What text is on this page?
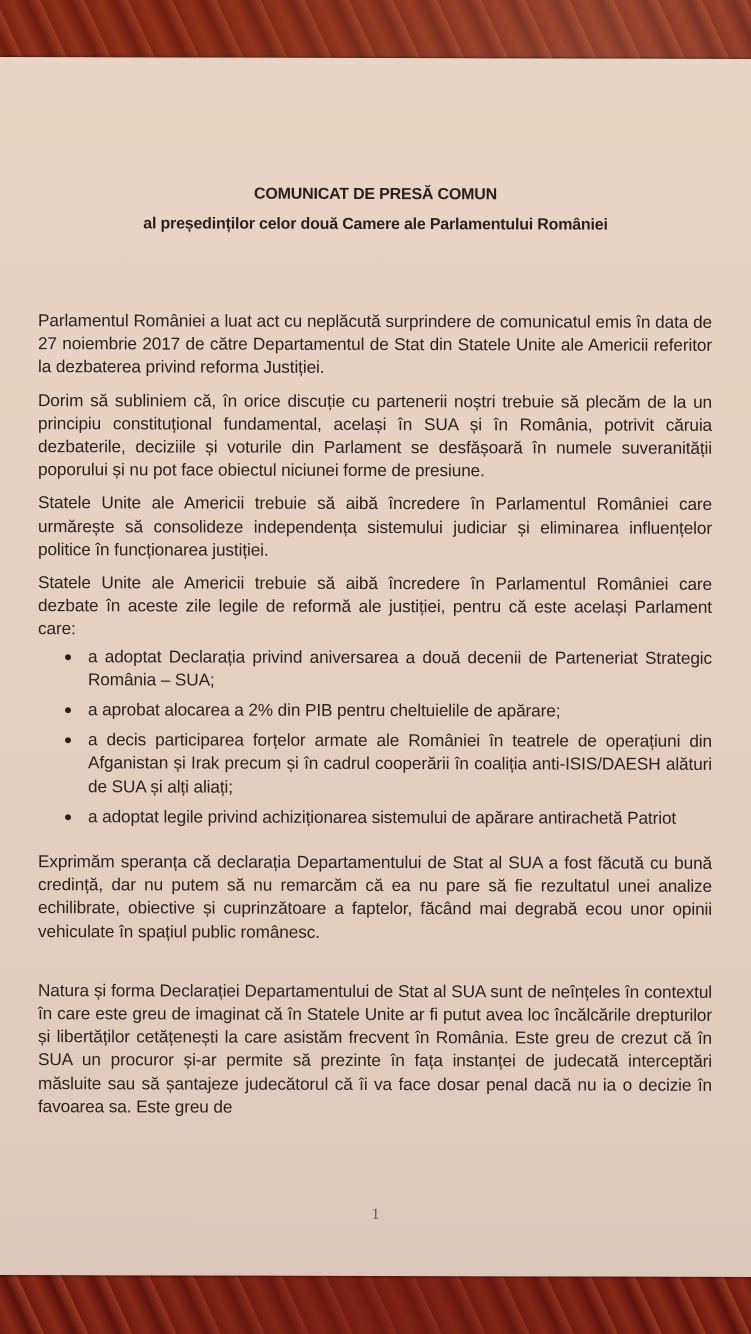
COMUNICAT DE PRESĂ COMUN
al președinților celor două Camere ale Parlamentului României

Parlamentul României a luat act cu neplăcută surprindere de comunicatul emis în data de 27 noiembrie 2017 de către Departamentul de Stat din Statele Unite ale Americii referitor la dezbaterea privind reforma Justiției.

Dorim să subliniem că, în orice discuție cu partenerii noștri trebuie să plecăm de la un principiu constituțional fundamental, același în SUA și în România, potrivit căruia dezbaterile, deciziile și voturile din Parlament se desfășoară în numele suveranității poporului și nu pot face obiectul niciunei forme de presiune.

Statele Unite ale Americii trebuie să aibă încredere în Parlamentul României care urmărește să consolideze independența sistemului judiciar și eliminarea influențelor politice în funcționarea justiției.

Statele Unite ale Americii trebuie să aibă încredere în Parlamentul României care dezbate în aceste zile legile de reformă ale justiției, pentru că este același Parlament care:

a adoptat Declarația privind aniversarea a două decenii de Parteneriat Strategic România – SUA;
a aprobat alocarea a 2% din PIB pentru cheltuielile de apărare;
a decis participarea forțelor armate ale României în teatrele de operațiuni din Afganistan și Irak precum și în cadrul cooperării în coaliția anti-ISIS/DAESH alături de SUA și alți aliați;
a adoptat legile privind achiziționarea sistemului de apărare antirachetă Patriot

Exprimăm speranța că declarația Departamentului de Stat al SUA a fost făcută cu bună credință, dar nu putem să nu remarcăm că ea nu pare să fie rezultatul unei analize echilibrate, obiective și cuprinzătoare a faptelor, făcând mai degrabă ecou unor opinii vehiculate în spațiul public românesc.

Natura și forma Declarației Departamentului de Stat al SUA sunt de neînțeles în contextul în care este greu de imaginat că în Statele Unite ar fi putut avea loc încălcările drepturilor și libertăților cetățenești la care asistăm frecvent în România. Este greu de crezut că în SUA un procuror și-ar permite să prezinte în fața instanței de judecată interceptări măsluite sau să șantajeze judecătorul că îi va face dosar penal dacă nu ia o decizie în favoarea sa. Este greu de

1
